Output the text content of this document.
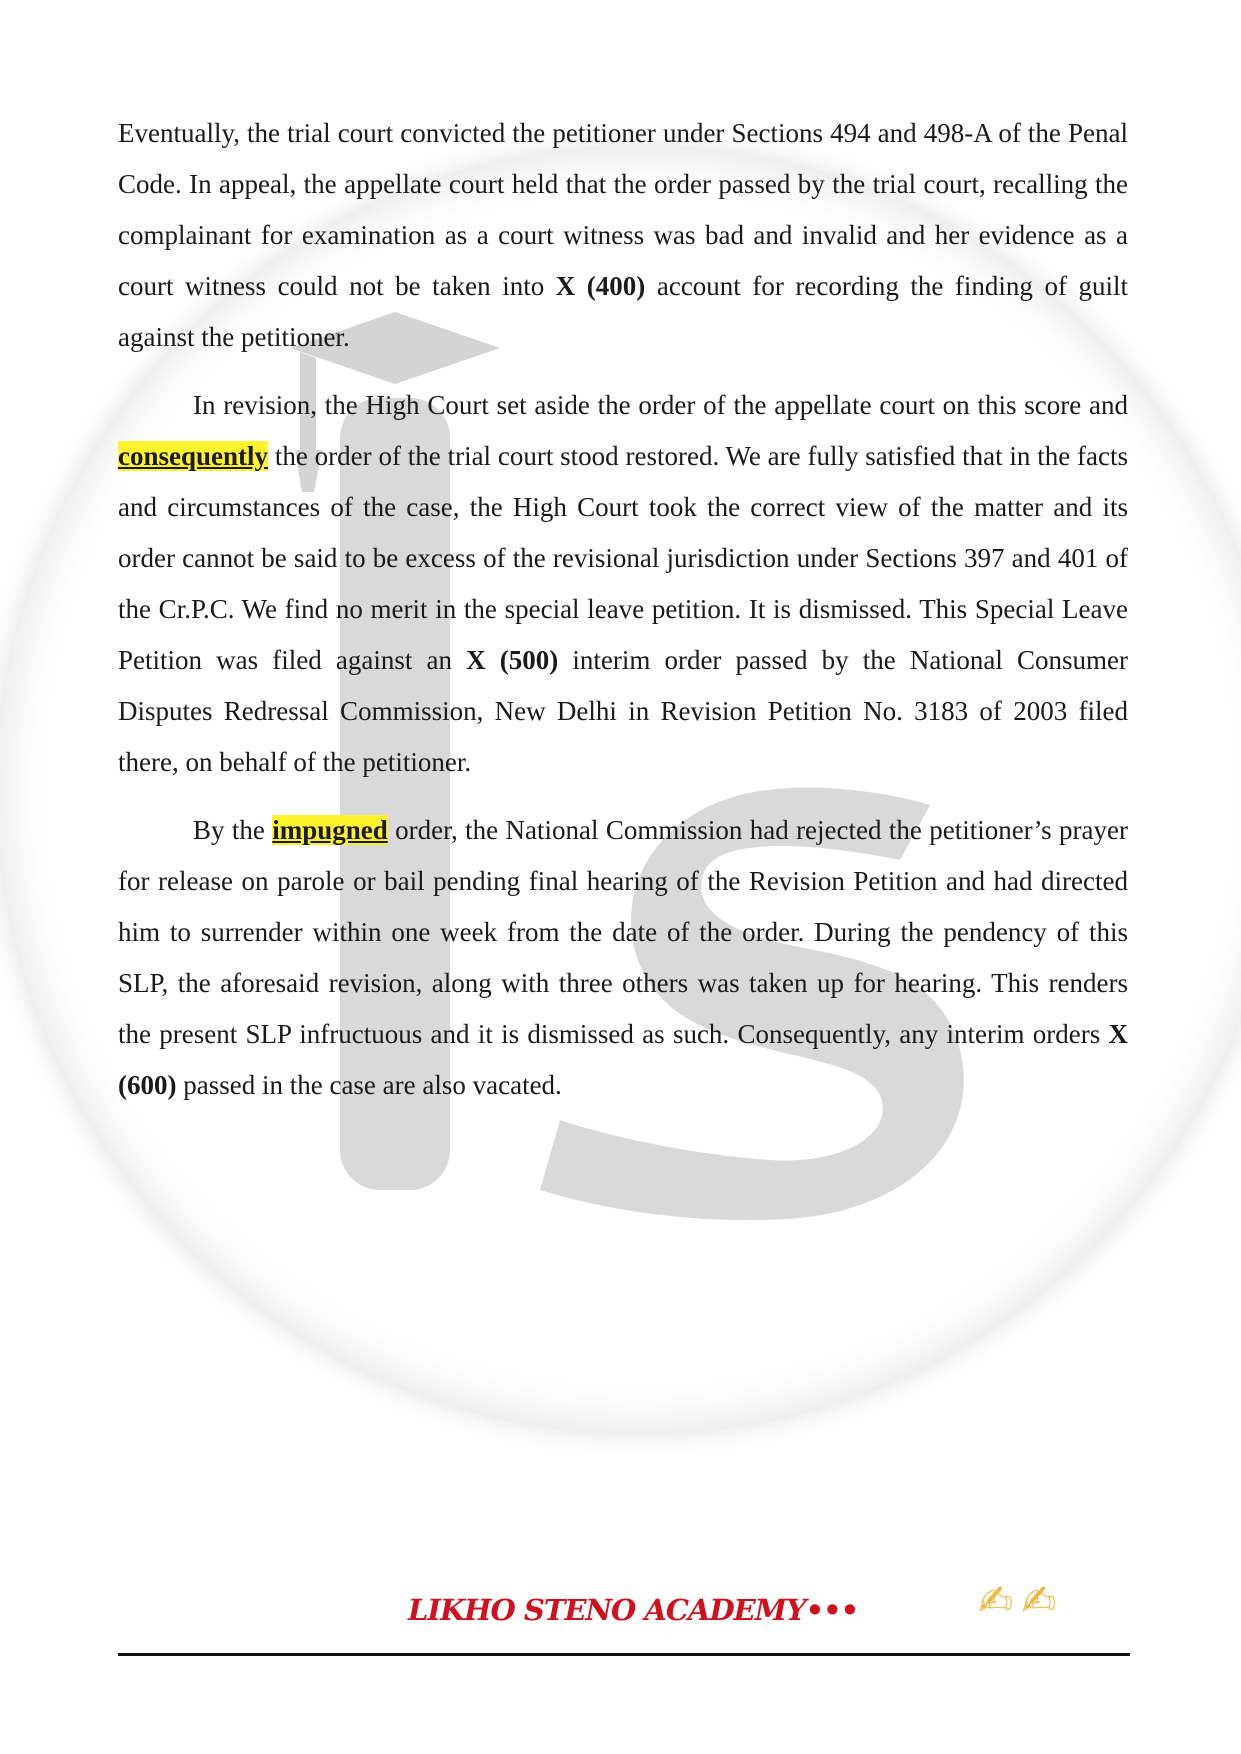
Eventually, the trial court convicted the petitioner under Sections 494 and 498-A of the Penal Code. In appeal, the appellate court held that the order passed by the trial court, recalling the complainant for examination as a court witness was bad and invalid and her evidence as a court witness could not be taken into X (400) account for recording the finding of guilt against the petitioner.

In revision, the High Court set aside the order of the appellate court on this score and consequently the order of the trial court stood restored. We are fully satisfied that in the facts and circumstances of the case, the High Court took the correct view of the matter and its order cannot be said to be excess of the revisional jurisdiction under Sections 397 and 401 of the Cr.P.C. We find no merit in the special leave petition. It is dismissed. This Special Leave Petition was filed against an X (500) interim order passed by the National Consumer Disputes Redressal Commission, New Delhi in Revision Petition No. 3183 of 2003 filed there, on behalf of the petitioner.

By the impugned order, the National Commission had rejected the petitioner’s prayer for release on parole or bail pending final hearing of the Revision Petition and had directed him to surrender within one week from the date of the order. During the pendency of this SLP, the aforesaid revision, along with three others was taken up for hearing. This renders the present SLP infructuous and it is dismissed as such. Consequently, any interim orders X (600) passed in the case are also vacated.

LIKHO STENO ACADEMY•••	✍ ✍
